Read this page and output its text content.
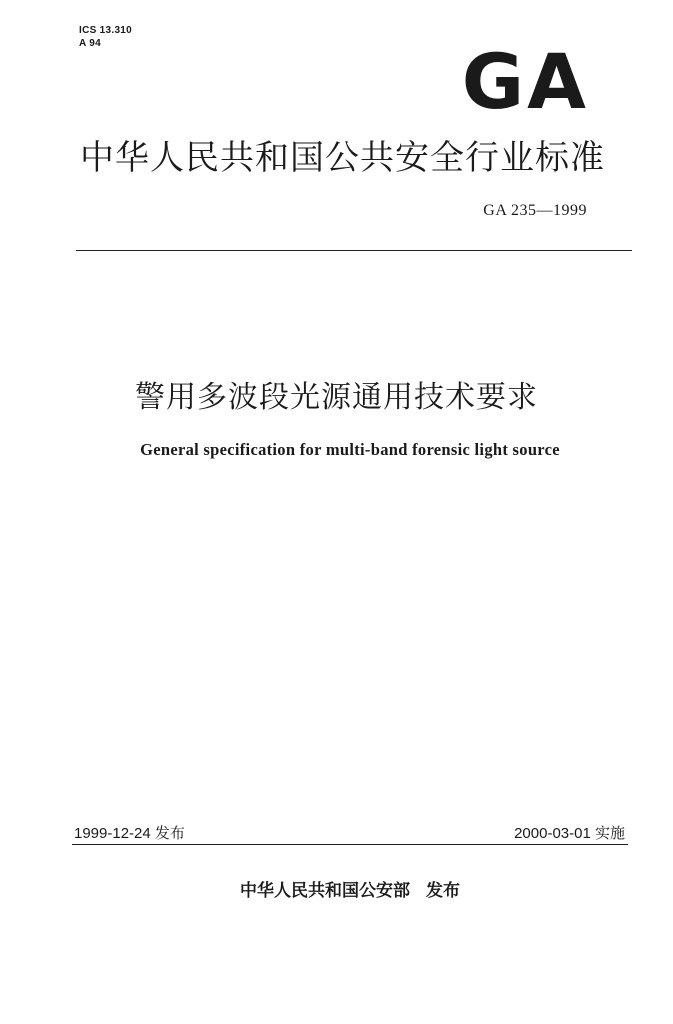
ICS 13.310
A 94	GA
中华人民共和国公共安全行业标准
GA 235—1999
警用多波段光源通用技术要求
General specification for multi-band forensic light source
1999-12-24 发布	2000-03-01 实施
中华人民共和国公安部 发布
